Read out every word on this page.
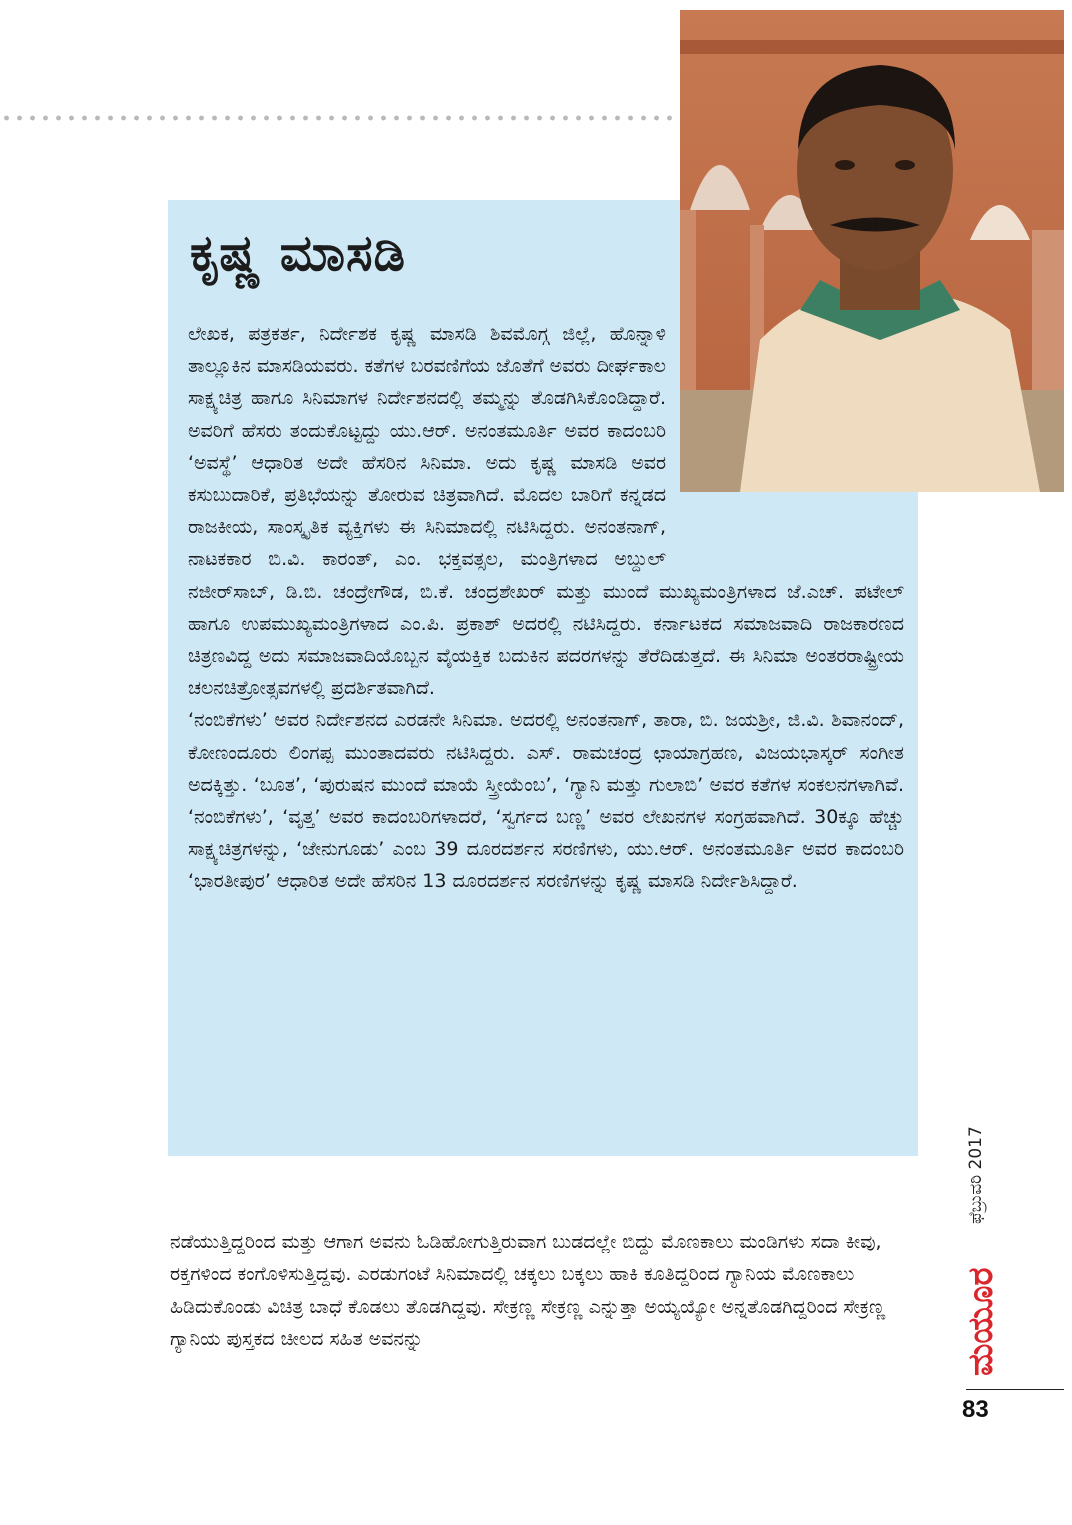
ಕೃಷ್ಣ ಮಾಸಡಿ

ಲೇಖಕ, ಪತ್ರಕರ್ತ, ನಿರ್ದೇಶಕ ಕೃಷ್ಣ ಮಾಸಡಿ ಶಿವಮೊಗ್ಗ ಜಿಲ್ಲೆ, ಹೊನ್ನಾಳಿ ತಾಲ್ಲೂಕಿನ ಮಾಸಡಿಯವರು. ಕತೆಗಳ ಬರವಣಿಗೆಯ ಜೊತೆಗೆ ಅವರು ದೀರ್ಘಕಾಲ ಸಾಕ್ಷ್ಯಚಿತ್ರ ಹಾಗೂ ಸಿನಿಮಾಗಳ ನಿರ್ದೇಶನದಲ್ಲಿ ತಮ್ಮನ್ನು ತೊಡಗಿಸಿಕೊಂಡಿದ್ದಾರೆ. ಅವರಿಗೆ ಹೆಸರು ತಂದುಕೊಟ್ಟದ್ದು ಯು.ಆರ್. ಅನಂತಮೂರ್ತಿ ಅವರ ಕಾದಂಬರಿ ‘ಅವಸ್ಥೆ’ ಆಧಾರಿತ ಅದೇ ಹೆಸರಿನ ಸಿನಿಮಾ. ಅದು ಕೃಷ್ಣ ಮಾಸಡಿ ಅವರ ಕಸುಬುದಾರಿಕೆ, ಪ್ರತಿಭೆಯನ್ನು ತೋರುವ ಚಿತ್ರವಾಗಿದೆ. ಮೊದಲ ಬಾರಿಗೆ ಕನ್ನಡದ ರಾಜಕೀಯ, ಸಾಂಸ್ಕೃತಿಕ ವ್ಯಕ್ತಿಗಳು ಈ ಸಿನಿಮಾದಲ್ಲಿ ನಟಿಸಿದ್ದರು. ಅನಂತನಾಗ್, ನಾಟಕಕಾರ ಬಿ.ವಿ. ಕಾರಂತ್, ಎಂ. ಭಕ್ತವತ್ಸಲ, ಮಂತ್ರಿಗಳಾದ ಅಬ್ದುಲ್ ನಜೀರ್‌ಸಾಬ್, ಡಿ.ಬಿ. ಚಂದ್ರೇಗೌಡ, ಬಿ.ಕೆ. ಚಂದ್ರಶೇಖರ್ ಮತ್ತು ಮುಂದೆ ಮುಖ್ಯಮಂತ್ರಿಗಳಾದ ಜೆ.ಎಚ್. ಪಟೇಲ್ ಹಾಗೂ ಉಪಮುಖ್ಯಮಂತ್ರಿಗಳಾದ ಎಂ.ಪಿ. ಪ್ರಕಾಶ್ ಅದರಲ್ಲಿ ನಟಿಸಿದ್ದರು. ಕರ್ನಾಟಕದ ಸಮಾಜವಾದಿ ರಾಜಕಾರಣದ ಚಿತ್ರಣವಿದ್ದ ಅದು ಸಮಾಜವಾದಿಯೊಬ್ಬನ ವೈಯಕ್ತಿಕ ಬದುಕಿನ ಪದರಗಳನ್ನು ತೆರೆದಿಡುತ್ತದೆ. ಈ ಸಿನಿಮಾ ಅಂತರರಾಷ್ಟ್ರೀಯ ಚಲನಚಿತ್ರೋತ್ಸವಗಳಲ್ಲಿ ಪ್ರದರ್ಶಿತವಾಗಿದೆ.

‘ನಂಬಿಕೆಗಳು’ ಅವರ ನಿರ್ದೇಶನದ ಎರಡನೇ ಸಿನಿಮಾ. ಅದರಲ್ಲಿ ಅನಂತನಾಗ್, ತಾರಾ, ಬಿ. ಜಯಶ್ರೀ, ಜಿ.ವಿ. ಶಿವಾನಂದ್, ಕೋಣಂದೂರು ಲಿಂಗಪ್ಪ ಮುಂತಾದವರು ನಟಿಸಿದ್ದರು. ಎಸ್. ರಾಮಚಂದ್ರ ಛಾಯಾಗ್ರಹಣ, ವಿಜಯಭಾಸ್ಕರ್ ಸಂಗೀತ ಅದಕ್ಕಿತ್ತು. ‘ಬೂತ’, ‘ಪುರುಷನ ಮುಂದೆ ಮಾಯೆ ಸ್ತ್ರೀಯೆಂಬ’, ‘ಗ್ಯಾನಿ ಮತ್ತು ಗುಲಾಬಿ’ ಅವರ ಕತೆಗಳ ಸಂಕಲನಗಳಾಗಿವೆ. ‘ನಂಬಿಕೆಗಳು’, ‘ವೃತ್ತ’ ಅವರ ಕಾದಂಬರಿಗಳಾದರೆ, ‘ಸ್ವರ್ಗದ ಬಣ್ಣ’ ಅವರ ಲೇಖನಗಳ ಸಂಗ್ರಹವಾಗಿದೆ. 30ಕ್ಕೂ ಹೆಚ್ಚು ಸಾಕ್ಷ್ಯಚಿತ್ರಗಳನ್ನು, ‘ಜೇನುಗೂಡು’ ಎಂಬ 39 ದೂರದರ್ಶನ ಸರಣಿಗಳು, ಯು.ಆರ್. ಅನಂತಮೂರ್ತಿ ಅವರ ಕಾದಂಬರಿ ‘ಭಾರತೀಪುರ’ ಆಧಾರಿತ ಅದೇ ಹೆಸರಿನ 13 ದೂರದರ್ಶನ ಸರಣಿಗಳನ್ನು ಕೃಷ್ಣ ಮಾಸಡಿ ನಿರ್ದೇಶಿಸಿದ್ದಾರೆ.

ನಡೆಯುತ್ತಿದ್ದರಿಂದ ಮತ್ತು ಆಗಾಗ ಅವನು ಓಡಿಹೋಗುತ್ತಿರುವಾಗ ಬುಡದಲ್ಲೇ ಬಿದ್ದು ಮೊಣಕಾಲು ಮಂಡಿಗಳು ಸದಾ ಕೀವು, ರಕ್ತಗಳಿಂದ ಕಂಗೊಳಿಸುತ್ತಿದ್ದವು. ಎರಡುಗಂಟೆ ಸಿನಿಮಾದಲ್ಲಿ ಚಕ್ಕಲು ಬಕ್ಕಲು ಹಾಕಿ ಕೂತಿದ್ದರಿಂದ ಗ್ಯಾನಿಯ ಮೊಣಕಾಲು ಹಿಡಿದುಕೊಂಡು ವಿಚಿತ್ರ ಬಾಧೆ ಕೊಡಲು ತೊಡಗಿದ್ದವು. ಸೇಕ್ರಣ್ಣ ಸೇಕ್ರಣ್ಣ ಎನ್ನುತ್ತಾ ಅಯ್ಯಯ್ಯೋ ಅನ್ನತೊಡಗಿದ್ದರಿಂದ ಸೇಕ್ರಣ್ಣ ಗ್ಯಾನಿಯ ಪುಸ್ತಕದ ಚೀಲದ ಸಹಿತ ಅವನನ್ನು

ಫೆಬ್ರುವರಿ 2017
ಮಯೂರ
83
